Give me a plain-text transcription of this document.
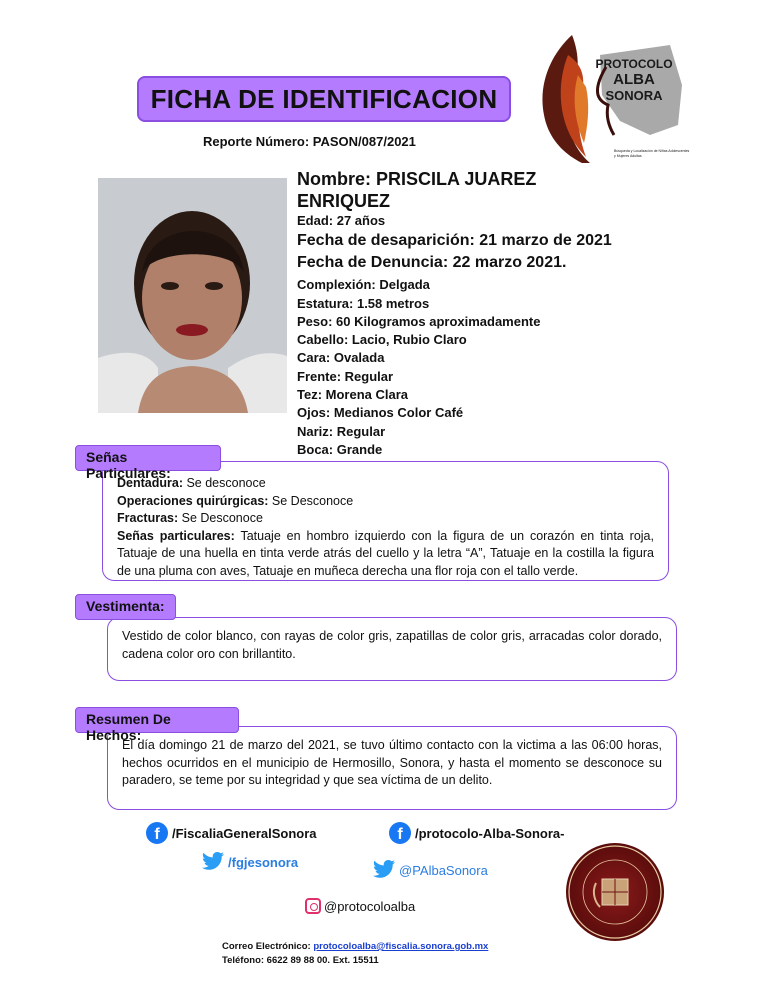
FICHA DE IDENTIFICACION
Reporte Número: PASON/087/2021
PROTOCOLO
ALBA
SONORA
Búsqueda y Localización de Niñas Adolescentes y Mujeres Adultas
Nombre: PRISCILA JUAREZ ENRIQUEZ
Edad: 27 años
Fecha de desaparición: 21 marzo de 2021
Fecha de Denuncia: 22 marzo 2021.
Complexión: Delgada
Estatura: 1.58 metros
Peso: 60 Kilogramos aproximadamente
Cabello: Lacio, Rubio Claro
Cara: Ovalada
Frente: Regular
Tez: Morena Clara
Ojos: Medianos Color Café
Nariz: Regular
Boca: Grande
Dentadura: Se desconoce
Operaciones quirúrgicas: Se Desconoce
Fracturas: Se Desconoce
Señas particulares: Tatuaje en hombro izquierdo con la figura de un corazón en tinta roja, Tatuaje de una huella en tinta verde atrás del cuello y la letra “A”, Tatuaje en la costilla la figura de una pluma con aves, Tatuaje en muñeca derecha una flor roja con el tallo verde.
Señas Particulares:
Vestido de color blanco, con rayas de color gris, zapatillas de color gris, arracadas color dorado, cadena color oro con brillantito.
Vestimenta:
El día domingo 21 de marzo del 2021, se tuvo último contacto con la victima a las 06:00 horas, hechos ocurridos en el municipio de Hermosillo, Sonora, y hasta el momento se desconoce su paradero, se teme por su integridad y que sea víctima de un delito.
Resumen De Hechos:
f /FiscaliaGeneralSonora	f /protocolo-Alba-Sonora-
/fgjesonora
@PAlbaSonora
@protocoloalba
Correo Electrónico: protocoloalba@fiscalia.sonora.gob.mx
Teléfono: 6622 89 88 00. Ext. 15511
